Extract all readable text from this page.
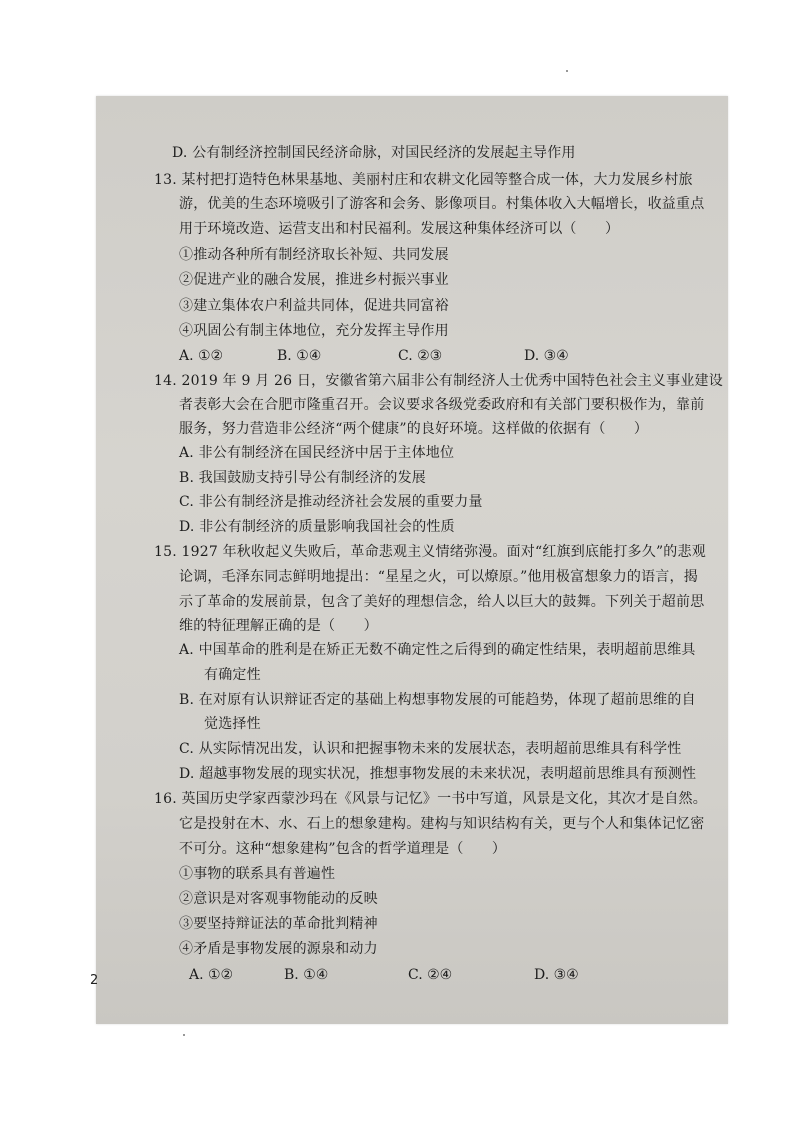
D. 公有制经济控制国民经济命脉，对国民经济的发展起主导作用

13. 某村把打造特色林果基地、美丽村庄和农耕文化园等整合成一体，大力发展乡村旅

游，优美的生态环境吸引了游客和会务、影像项目。村集体收入大幅增长，收益重点

用于环境改造、运营支出和村民福利。发展这种集体经济可以（　　）

①推动各种所有制经济取长补短、共同发展

②促进产业的融合发展，推进乡村振兴事业

③建立集体农户利益共同体，促进共同富裕

④巩固公有制主体地位，充分发挥主导作用

A. ①②	B. ①④	C. ②③	D. ③④

14. 2019 年 9 月 26 日，安徽省第六届非公有制经济人士优秀中国特色社会主义事业建设

者表彰大会在合肥市隆重召开。会议要求各级党委政府和有关部门要积极作为，靠前

服务，努力营造非公经济“两个健康”的良好环境。这样做的依据有（　　）

A. 非公有制经济在国民经济中居于主体地位

B. 我国鼓励支持引导公有制经济的发展

C. 非公有制经济是推动经济社会发展的重要力量

D. 非公有制经济的质量影响我国社会的性质

15. 1927 年秋收起义失败后，革命悲观主义情绪弥漫。面对“红旗到底能打多久”的悲观

论调，毛泽东同志鲜明地提出：“星星之火，可以燎原。”他用极富想象力的语言，揭

示了革命的发展前景，包含了美好的理想信念，给人以巨大的鼓舞。下列关于超前思

维的特征理解正确的是（　　）

A. 中国革命的胜利是在矫正无数不确定性之后得到的确定性结果，表明超前思维具

有确定性

B. 在对原有认识辩证否定的基础上构想事物发展的可能趋势，体现了超前思维的自

觉选择性

C. 从实际情况出发，认识和把握事物未来的发展状态，表明超前思维具有科学性

D. 超越事物发展的现实状况，推想事物发展的未来状况，表明超前思维具有预测性

16. 英国历史学家西蒙沙玛在《风景与记忆》一书中写道，风景是文化，其次才是自然。

它是投射在木、水、石上的想象建构。建构与知识结构有关，更与个人和集体记忆密

不可分。这种“想象建构”包含的哲学道理是（　　）

①事物的联系具有普遍性

②意识是对客观事物能动的反映

③要坚持辩证法的革命批判精神

④矛盾是事物发展的源泉和动力

A. ①②	B. ①④	C. ②④	D. ③④
2
